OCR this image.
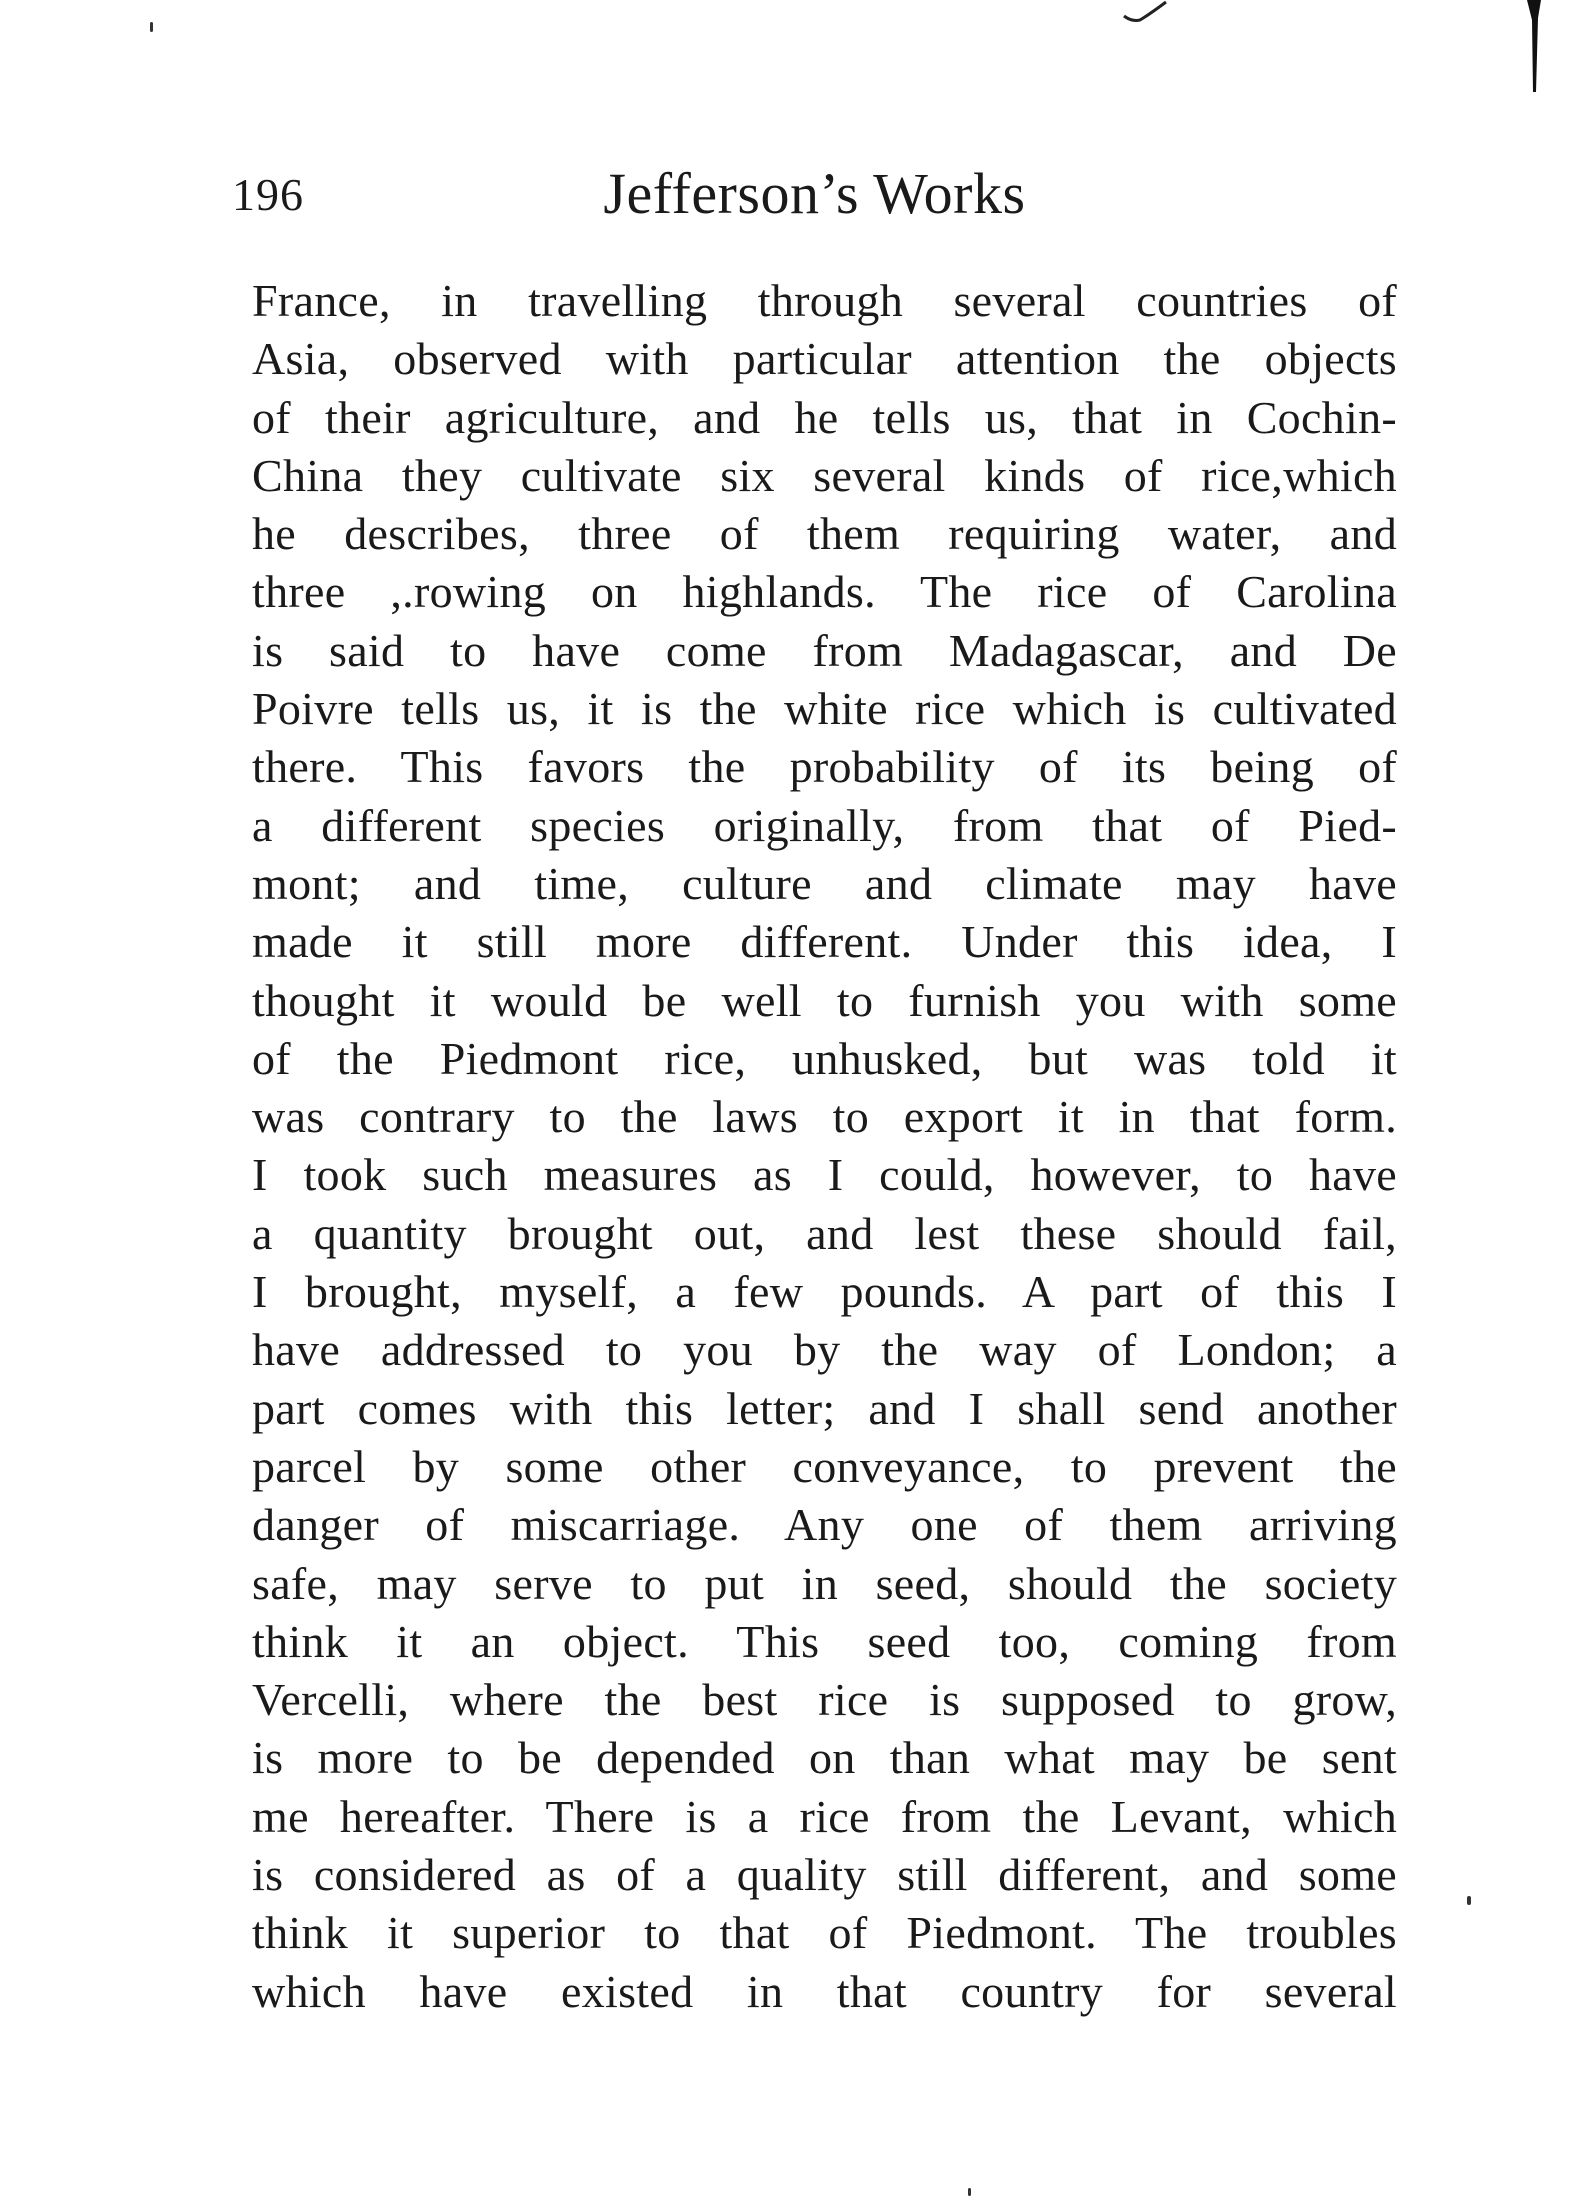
Jefferson’s Works
196
France, in travelling through several countries of
Asia, observed with particular attention the objects
of their agriculture, and he tells us, that in Cochin-
China they cultivate six several kinds of rice,which
he describes, three of them requiring water, and
three ,.rowing on highlands. The rice of Carolina
is said to have come from Madagascar, and De
Poivre tells us, it is the white rice which is cultivated
there. This favors the probability of its being of
a different species originally, from that of Pied-
mont; and time, culture and climate may have
made it still more different. Under this idea, I
thought it would be well to furnish you with some
of the Piedmont rice, unhusked, but was told it
was contrary to the laws to export it in that form.
I took such measures as I could, however, to have
a quantity brought out, and lest these should fail,
I brought, myself, a few pounds. A part of this I
have addressed to you by the way of London; a
part comes with this letter; and I shall send another
parcel by some other conveyance, to prevent the
danger of miscarriage. Any one of them arriving
safe, may serve to put in seed, should the society
think it an object. This seed too, coming from
Vercelli, where the best rice is supposed to grow,
is more to be depended on than what may be sent
me hereafter. There is a rice from the Levant, which
is considered as of a quality still different, and some
think it superior to that of Piedmont. The troubles
which have existed in that country for several
